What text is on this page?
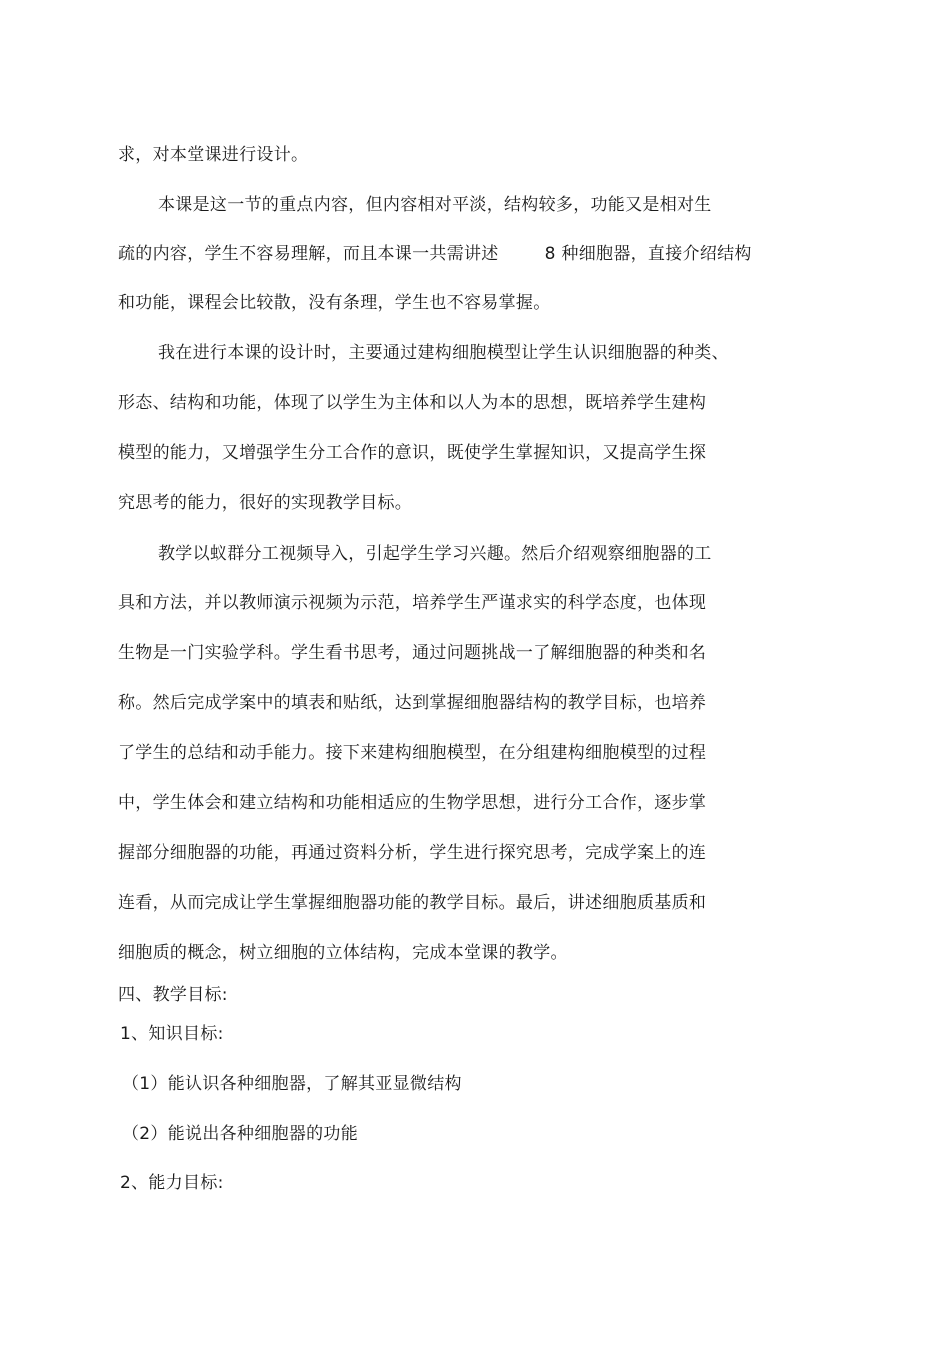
求，对本堂课进行设计。
本课是这一节的重点内容，但内容相对平淡，结构较多，功能又是相对生
疏的内容，学生不容易理解，而且本课一共需讲述	8 种细胞器，直接介绍结构
和功能，课程会比较散，没有条理，学生也不容易掌握。
我在进行本课的设计时，主要通过建构细胞模型让学生认识细胞器的种类、
形态、结构和功能，体现了以学生为主体和以人为本的思想，既培养学生建构
模型的能力，又增强学生分工合作的意识，既使学生掌握知识，又提高学生探
究思考的能力，很好的实现教学目标。
教学以蚁群分工视频导入，引起学生学习兴趣。然后介绍观察细胞器的工
具和方法，并以教师演示视频为示范，培养学生严谨求实的科学态度，也体现
生物是一门实验学科。学生看书思考，通过问题挑战一了解细胞器的种类和名
称。然后完成学案中的填表和贴纸，达到掌握细胞器结构的教学目标，也培养
了学生的总结和动手能力。接下来建构细胞模型，在分组建构细胞模型的过程
中，学生体会和建立结构和功能相适应的生物学思想，进行分工合作，逐步掌
握部分细胞器的功能，再通过资料分析，学生进行探究思考，完成学案上的连
连看，从而完成让学生掌握细胞器功能的教学目标。最后，讲述细胞质基质和
细胞质的概念，树立细胞的立体结构，完成本堂课的教学。
四、教学目标:
1、知识目标:
（1）能认识各种细胞器，了解其亚显微结构
（2）能说出各种细胞器的功能
2、能力目标:
